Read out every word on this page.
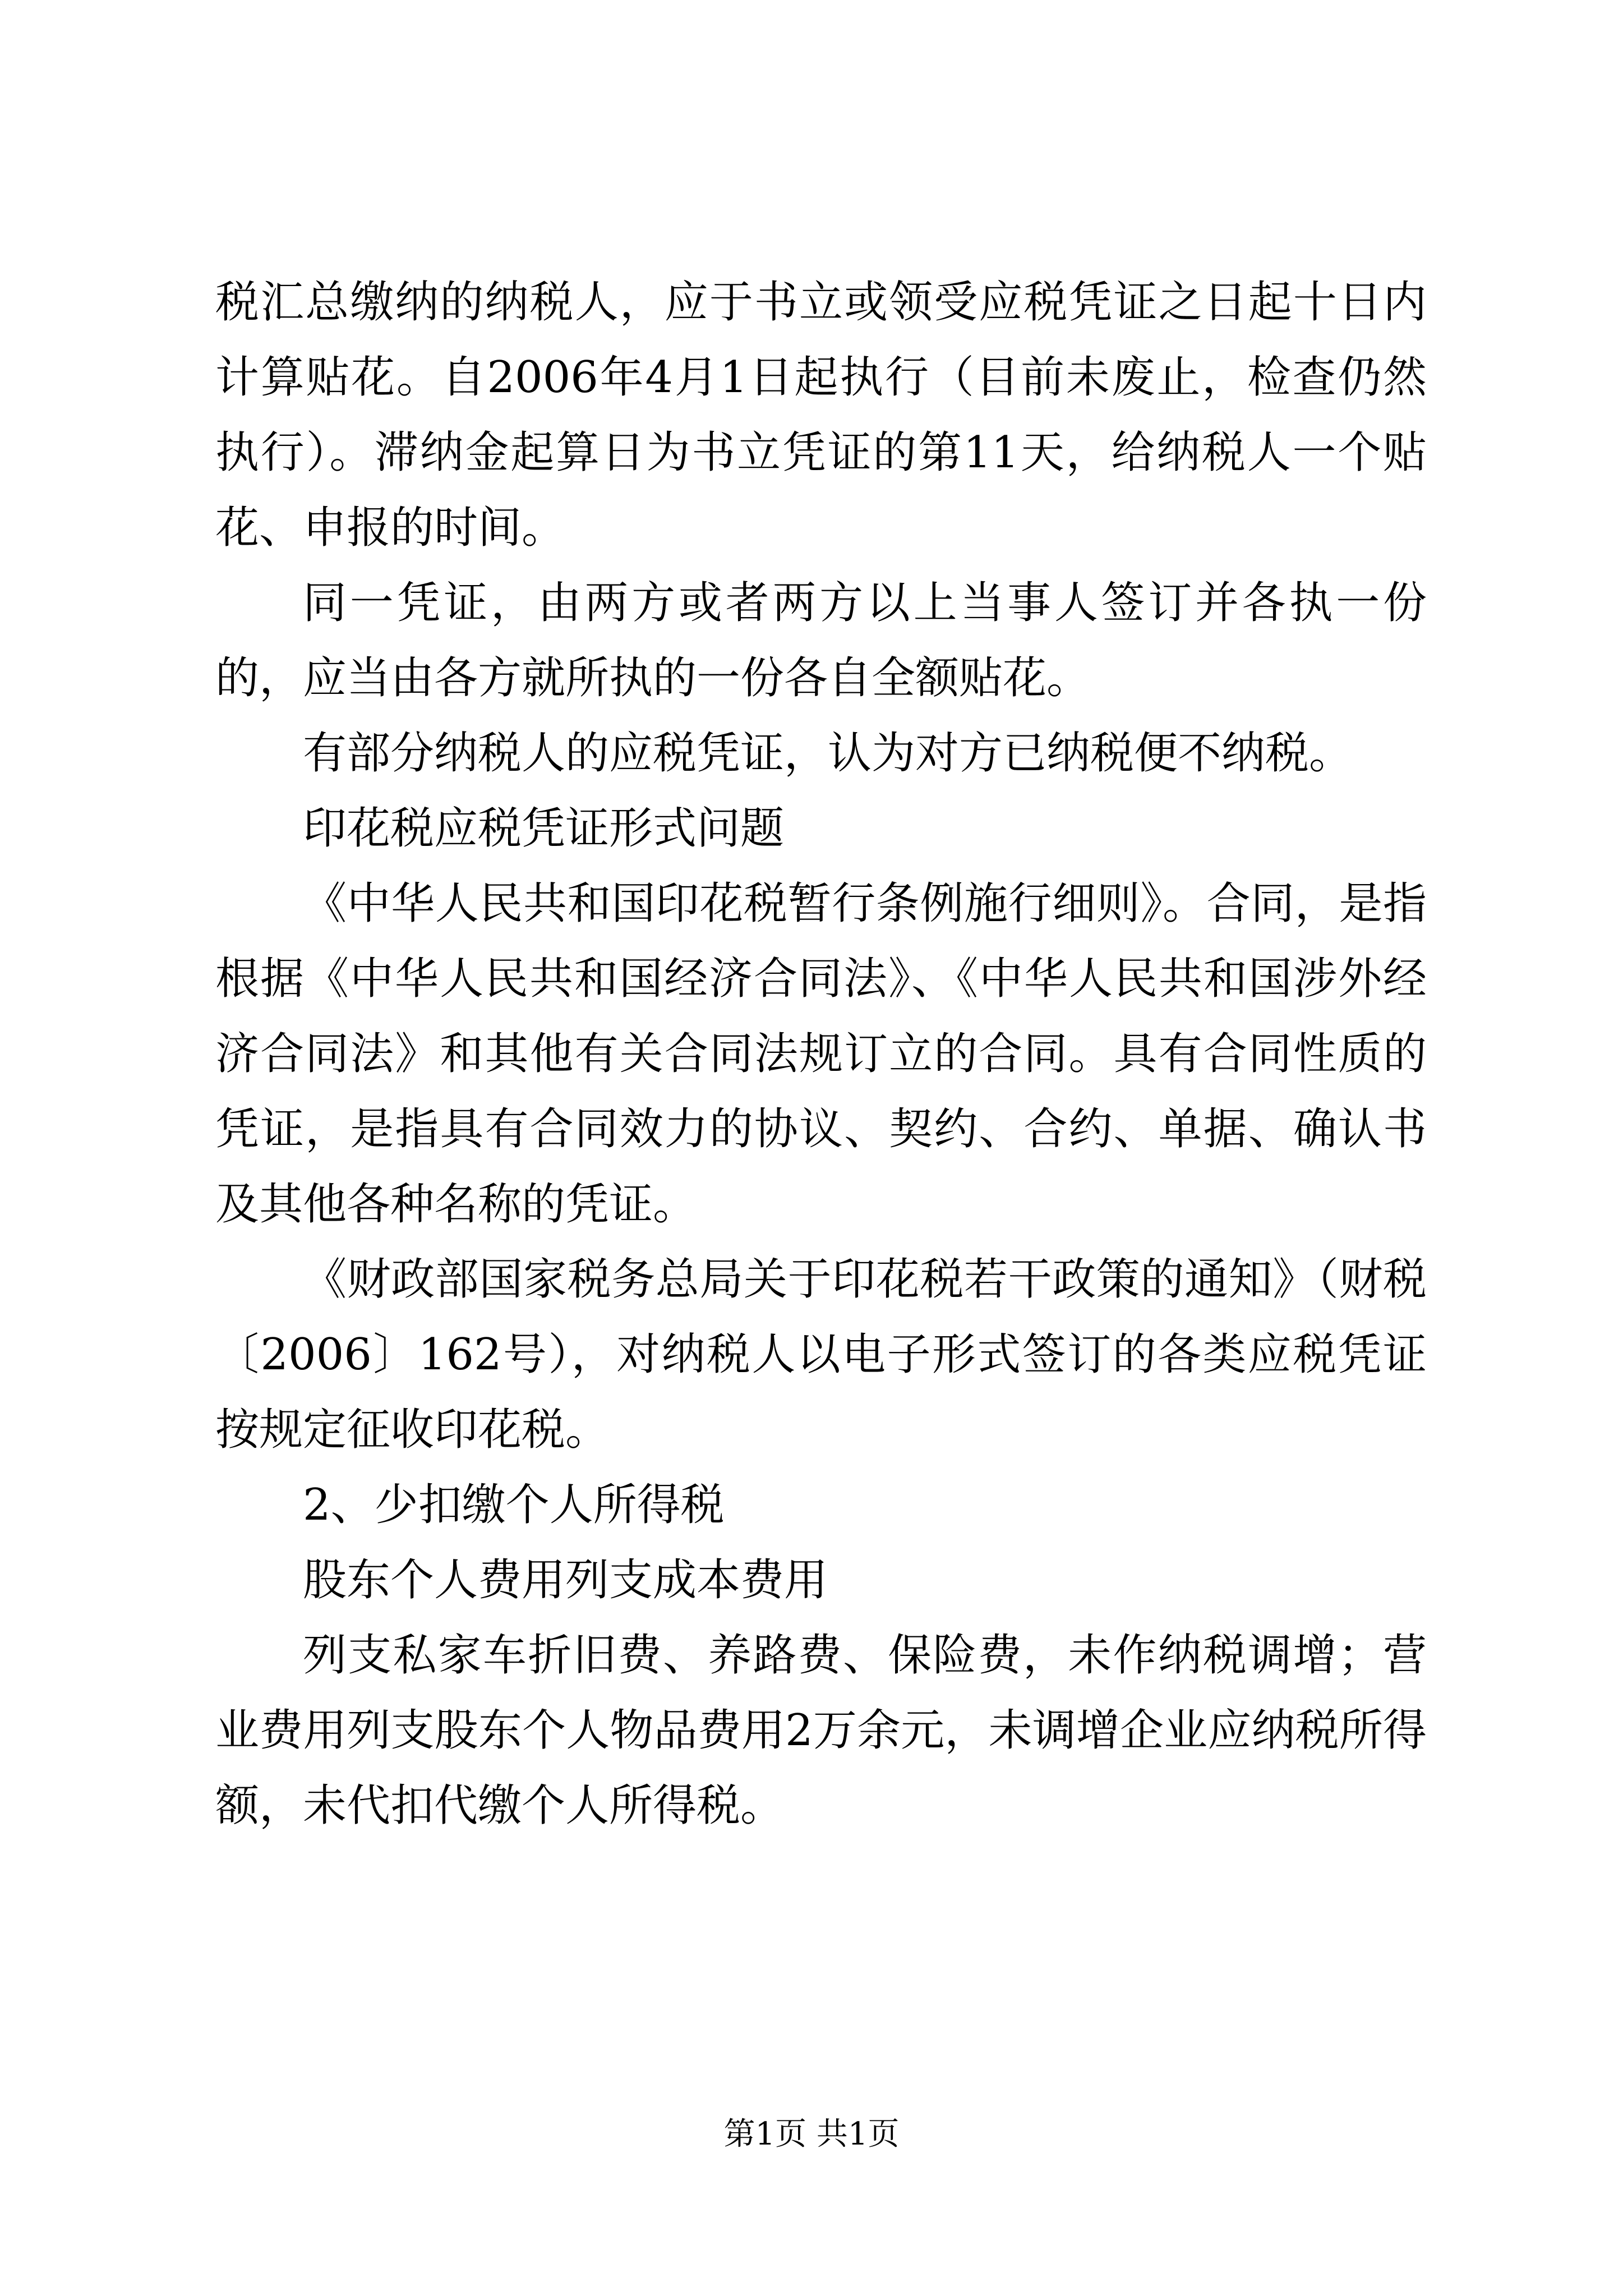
税汇总缴纳的纳税人，应于书立或领受应税凭证之日起十日内计算贴花。自2006年4月1日起执行（目前未废止，检查仍然执行）。滞纳金起算日为书立凭证的第11天，给纳税人一个贴花、申报的时间。

同一凭证，由两方或者两方以上当事人签订并各执一份的，应当由各方就所执的一份各自全额贴花。

有部分纳税人的应税凭证，认为对方已纳税便不纳税。

印花税应税凭证形式问题

《中华人民共和国印花税暂行条例施行细则》。合同，是指根据《中华人民共和国经济合同法》、《中华人民共和国涉外经济合同法》和其他有关合同法规订立的合同。具有合同性质的凭证，是指具有合同效力的协议、契约、合约、单据、确认书及其他各种名称的凭证。

《财政部国家税务总局关于印花税若干政策的通知》（财税〔2006〕162号），对纳税人以电子形式签订的各类应税凭证按规定征收印花税。

2、少扣缴个人所得税

股东个人费用列支成本费用

列支私家车折旧费、养路费、保险费，未作纳税调增；营业费用列支股东个人物品费用2万余元，未调增企业应纳税所得额，未代扣代缴个人所得税。

第1页 共1页
